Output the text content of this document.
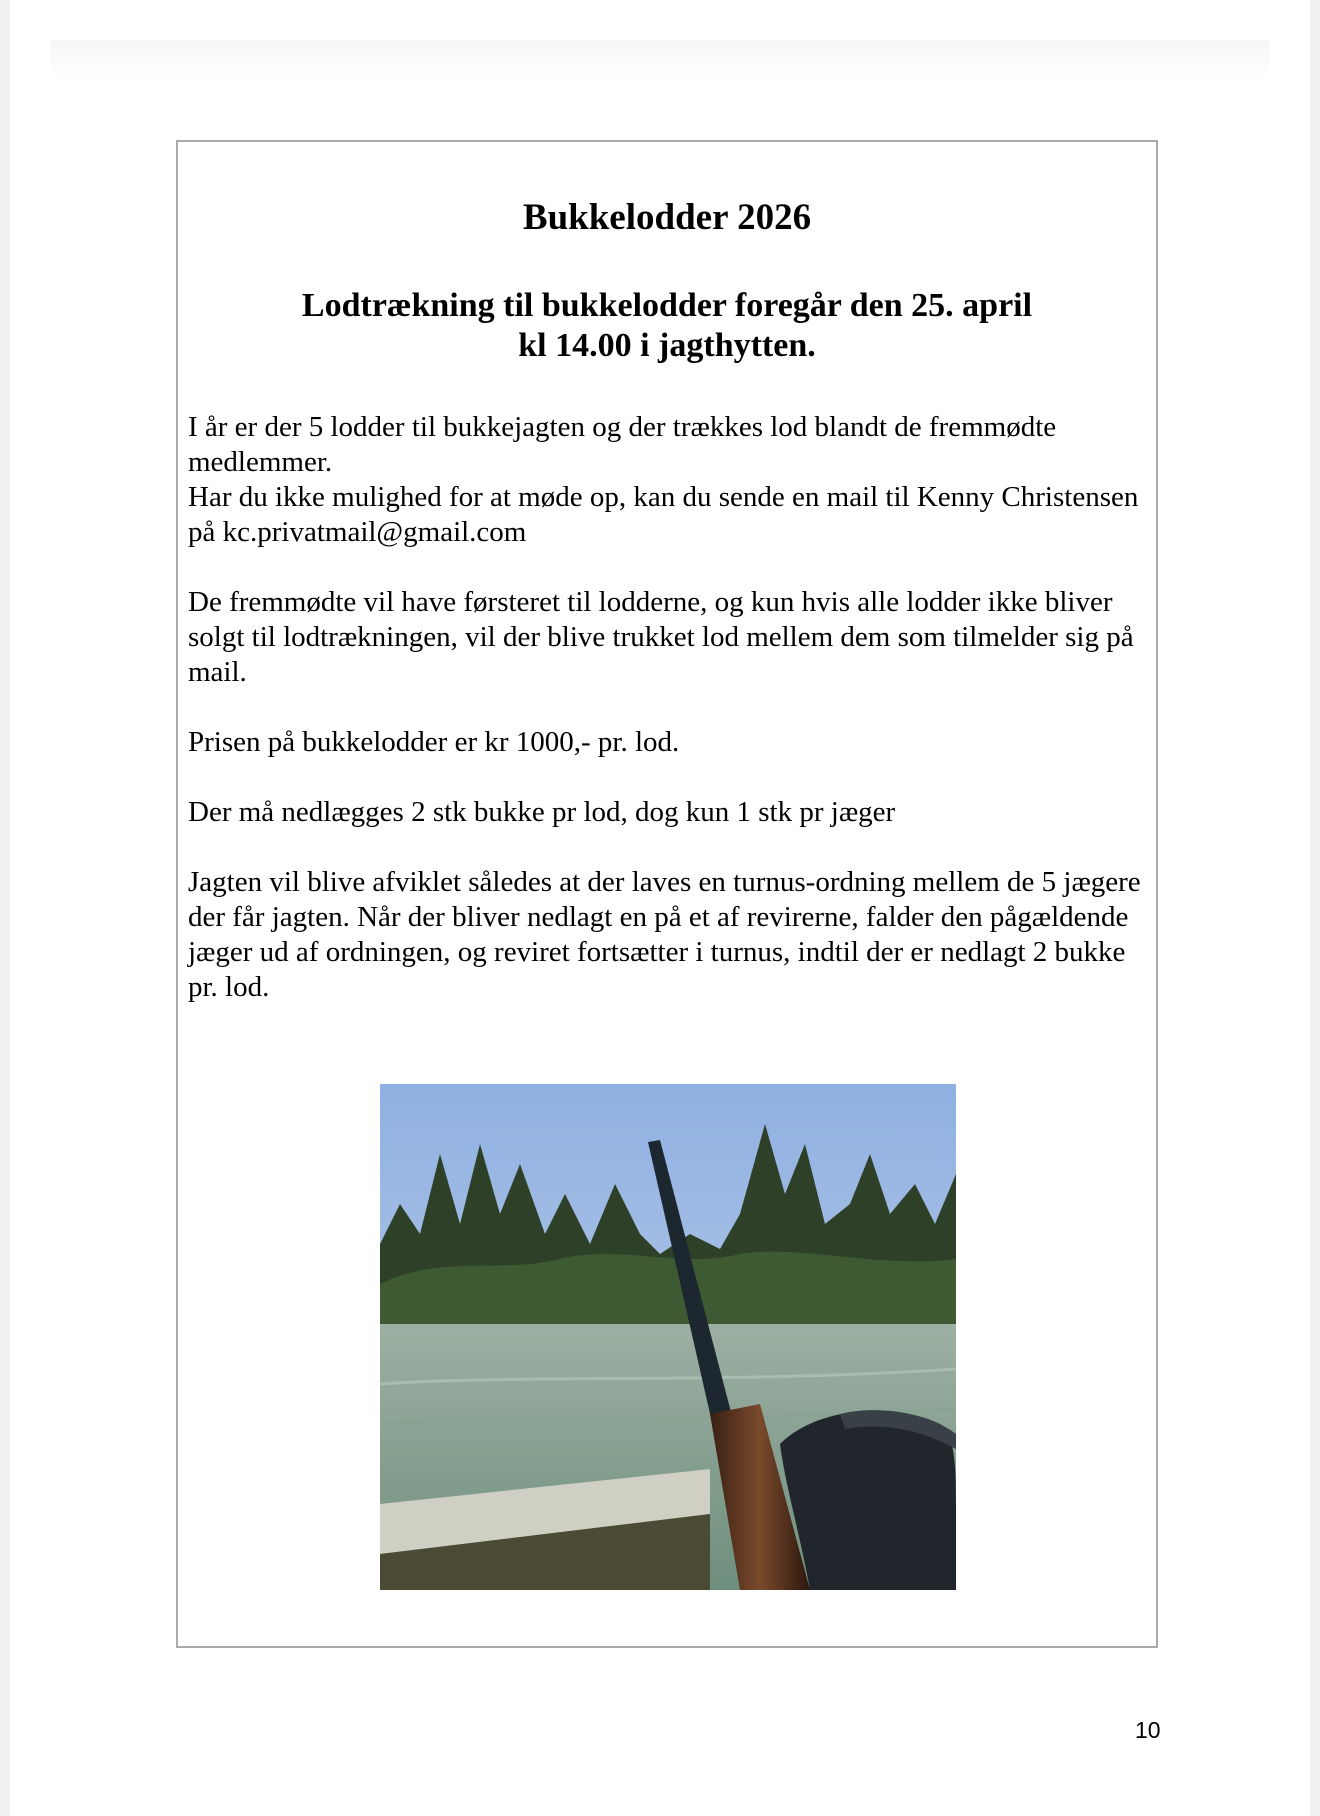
Bukkelodder 2026
Lodtrækning til bukkelodder foregår den 25. april
kl 14.00 i jagthytten.

I år er der 5 lodder til bukkejagten og der trækkes lod blandt de fremmødte medlemmer.

Har du ikke mulighed for at møde op, kan du sende en mail til Kenny Christensen på kc.privatmail@gmail.com

De fremmødte vil have førsteret til lodderne, og kun hvis alle lodder ikke bliver solgt til lodtrækningen, vil der blive trukket lod mellem dem som tilmelder sig på mail.

Prisen på bukkelodder er kr 1000,- pr. lod.

Der må nedlægges 2 stk bukke pr lod, dog kun 1 stk pr jæger

Jagten vil blive afviklet således at der laves en turnus-ordning mellem de 5 jægere der får jagten. Når der bliver nedlagt en på et af revirerne, falder den pågældende jæger ud af ordningen, og reviret fortsætter i turnus, indtil der er nedlagt 2 bukke pr. lod.

10
